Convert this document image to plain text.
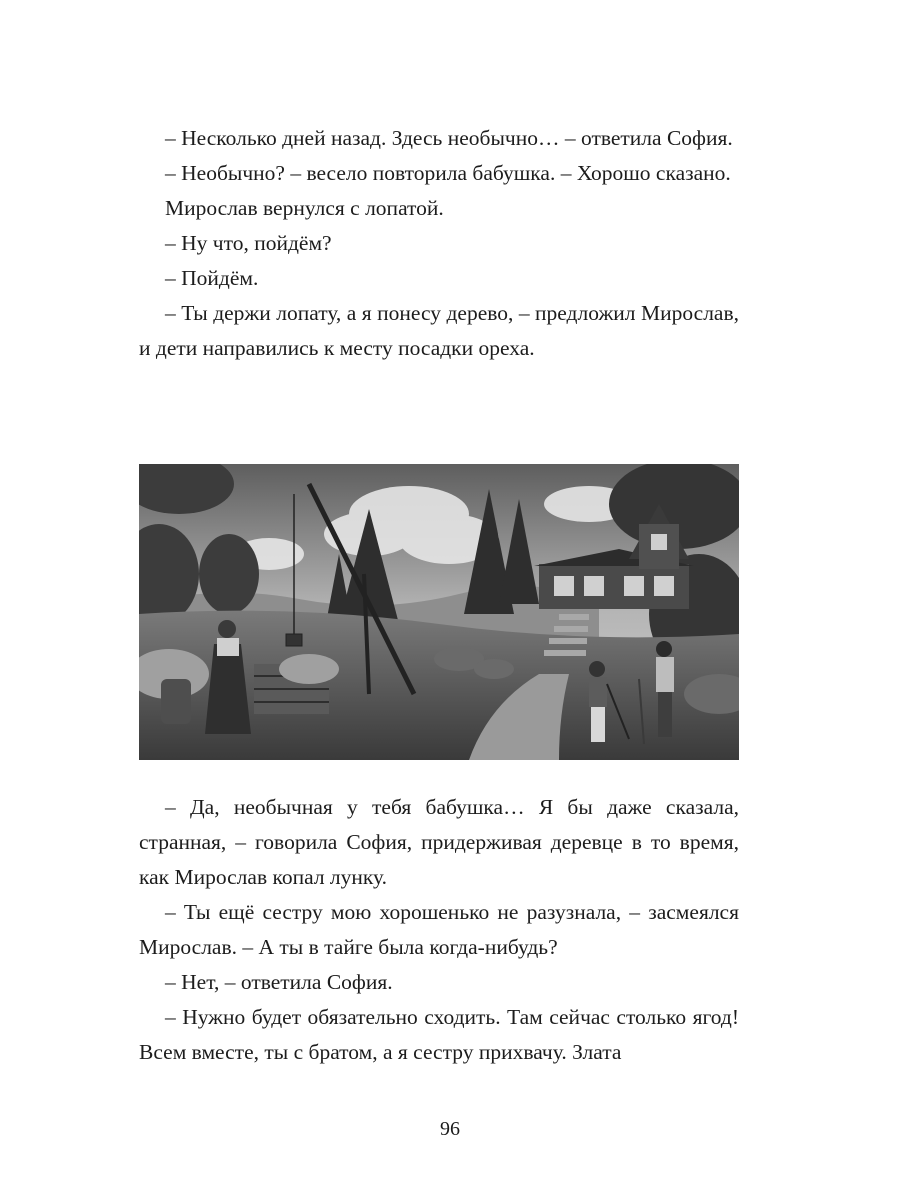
– Несколько дней назад. Здесь необычно… – ответила София.

– Необычно? – весело повторила бабушка. – Хорошо сказано.

Мирослав вернулся с лопатой.

– Ну что, пойдём?

– Пойдём.

– Ты держи лопату, а я понесу дерево, – предложил Мирослав, и дети направились к месту посадки ореха.

– Да, необычная у тебя бабушка… Я бы даже сказала, странная, – говорила София, придерживая деревце в то время, как Мирослав копал лунку.

– Ты ещё сестру мою хорошенько не разузнала, – засмеялся Мирослав. – А ты в тайге была когда-нибудь?

– Нет, – ответила София.

– Нужно будет обязательно сходить. Там сейчас столько ягод! Всем вместе, ты с братом, а я сестру прихвачу. Злата

96
